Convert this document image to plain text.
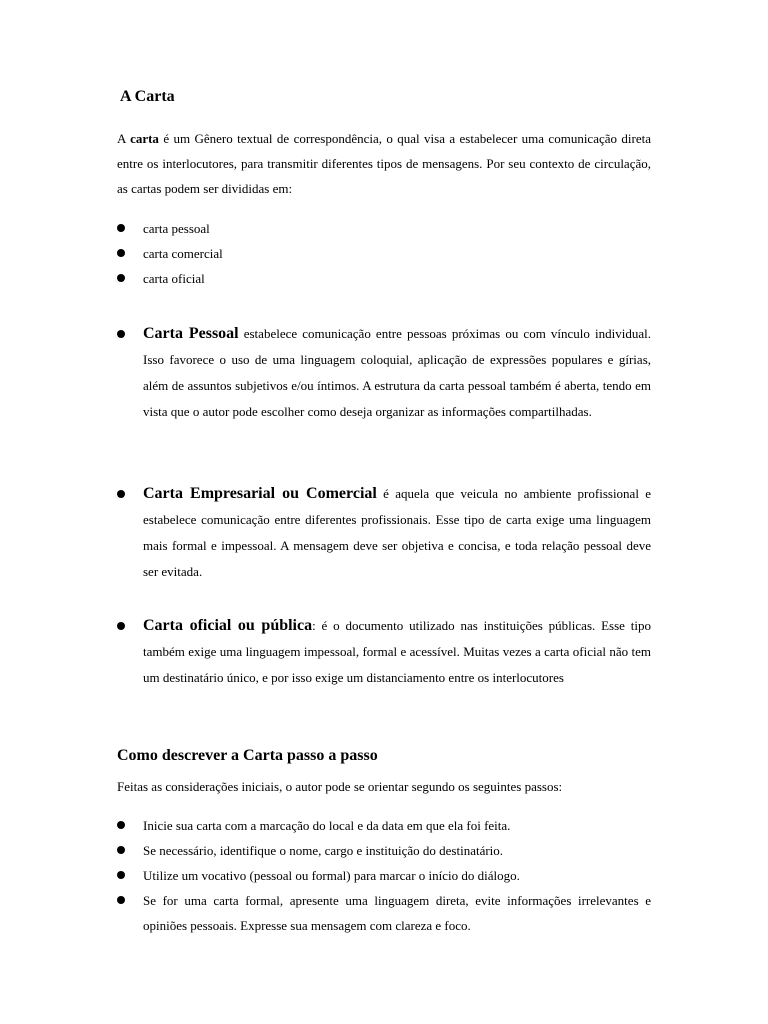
A Carta

A carta é um Gênero textual de correspondência, o qual visa a estabelecer uma comunicação direta entre os interlocutores, para transmitir diferentes tipos de mensagens. Por seu contexto de circulação, as cartas podem ser divididas em:

carta pessoal
carta comercial
carta oficial
Carta Pessoal estabelece comunicação entre pessoas próximas ou com vínculo individual. Isso favorece o uso de uma linguagem coloquial, aplicação de expressões populares e gírias, além de assuntos subjetivos e/ou íntimos. A estrutura da carta pessoal também é aberta, tendo em vista que o autor pode escolher como deseja organizar as informações compartilhadas.
Carta Empresarial ou Comercial é aquela que veicula no ambiente profissional e estabelece comunicação entre diferentes profissionais. Esse tipo de carta exige uma linguagem mais formal e impessoal. A mensagem deve ser objetiva e concisa, e toda relação pessoal deve ser evitada.
Carta oficial ou pública: é o documento utilizado nas instituições públicas. Esse tipo também exige uma linguagem impessoal, formal e acessível. Muitas vezes a carta oficial não tem um destinatário único, e por isso exige um distanciamento entre os interlocutores
Como descrever a Carta passo a passo

Feitas as considerações iniciais, o autor pode se orientar segundo os seguintes passos:

Inicie sua carta com a marcação do local e da data em que ela foi feita.
Se necessário, identifique o nome, cargo e instituição do destinatário.
Utilize um vocativo (pessoal ou formal) para marcar o início do diálogo.
Se for uma carta formal, apresente uma linguagem direta, evite informações irrelevantes e opiniões pessoais. Expresse sua mensagem com clareza e foco.
